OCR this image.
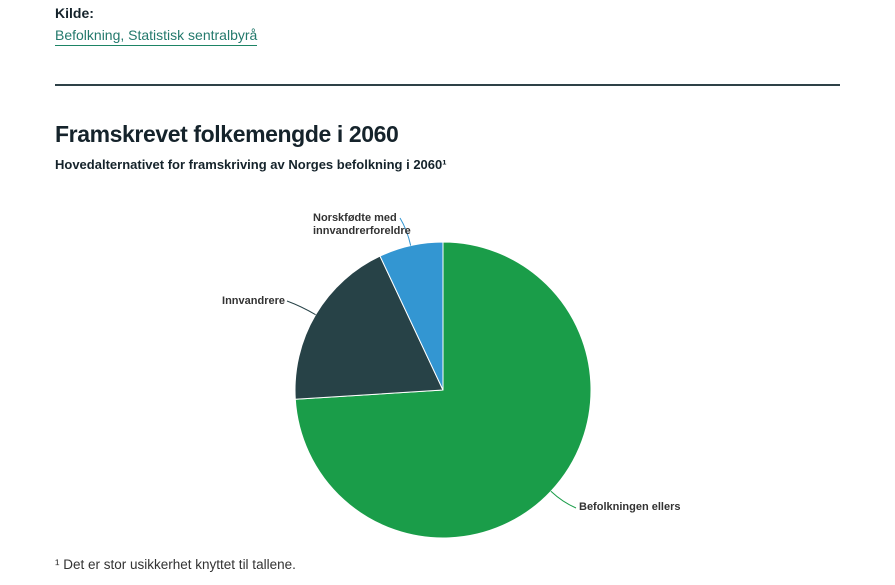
Kilde:
Befolkning, Statistisk sentralbyrå
Framskrevet folkemengde i 2060
Hovedalternativet for framskriving av Norges befolkning i 2060¹
Befolkningen ellers
Innvandrere
Norskfødte med innvandrerforeldre
¹ Det er stor usikkerhet knyttet til tallene.
